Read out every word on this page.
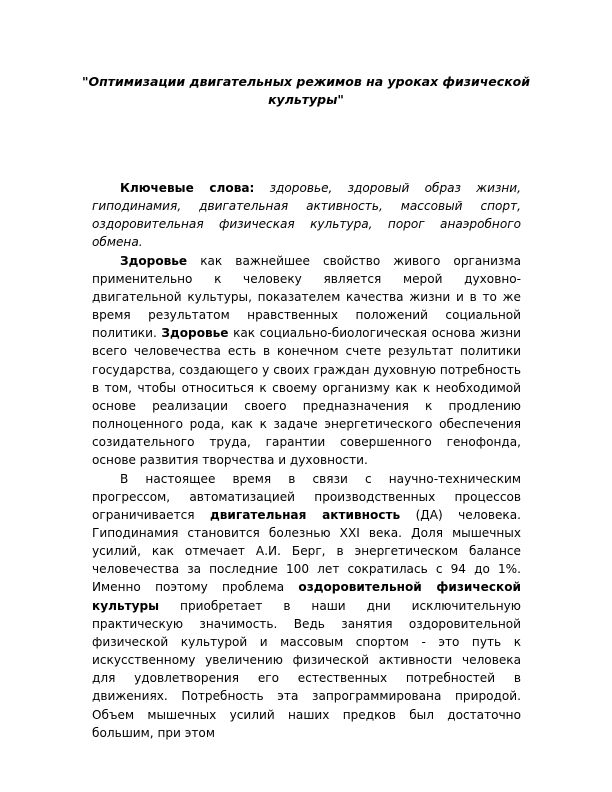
"Оптимизации двигательных режимов на уроках физической культуры"

Ключевые слова: здоровье, здоровый образ жизни, гиподинамия, двигательная активность, массовый спорт, оздоровительная физическая культура, порог анаэробного обмена.

Здоровье как важнейшее свойство живого организма применительно к человеку является мерой духовно-двигательной культуры, показателем качества жизни и в то же время результатом нравственных положений социальной политики. Здоровье как социально-биологическая основа жизни всего человечества есть в конечном счете результат политики государства, создающего у своих граждан духовную потребность в том, чтобы относиться к своему организму как к необходимой основе реализации своего предназначения к продлению полноценного рода, как к задаче энергетического обеспечения созидательного труда, гарантии совершенного генофонда, основе развития творчества и духовности.

В настоящее время в связи с научно-техническим прогрессом, автоматизацией производственных процессов ограничивается двигательная активность (ДА) человека. Гиподинамия становится болезнью XXI века. Доля мышечных усилий, как отмечает А.И. Берг, в энергетическом балансе человечества за последние 100 лет сократилась с 94 до 1%. Именно поэтому проблема оздоровительной физической культуры приобретает в наши дни исключительную практическую значимость. Ведь занятия оздоровительной физической культурой и массовым спортом - это путь к искусственному увеличению физической активности человека для удовлетворения его естественных потребностей в движениях. Потребность эта запрограммирована природой. Объем мышечных усилий наших предков был достаточно большим, при этом
